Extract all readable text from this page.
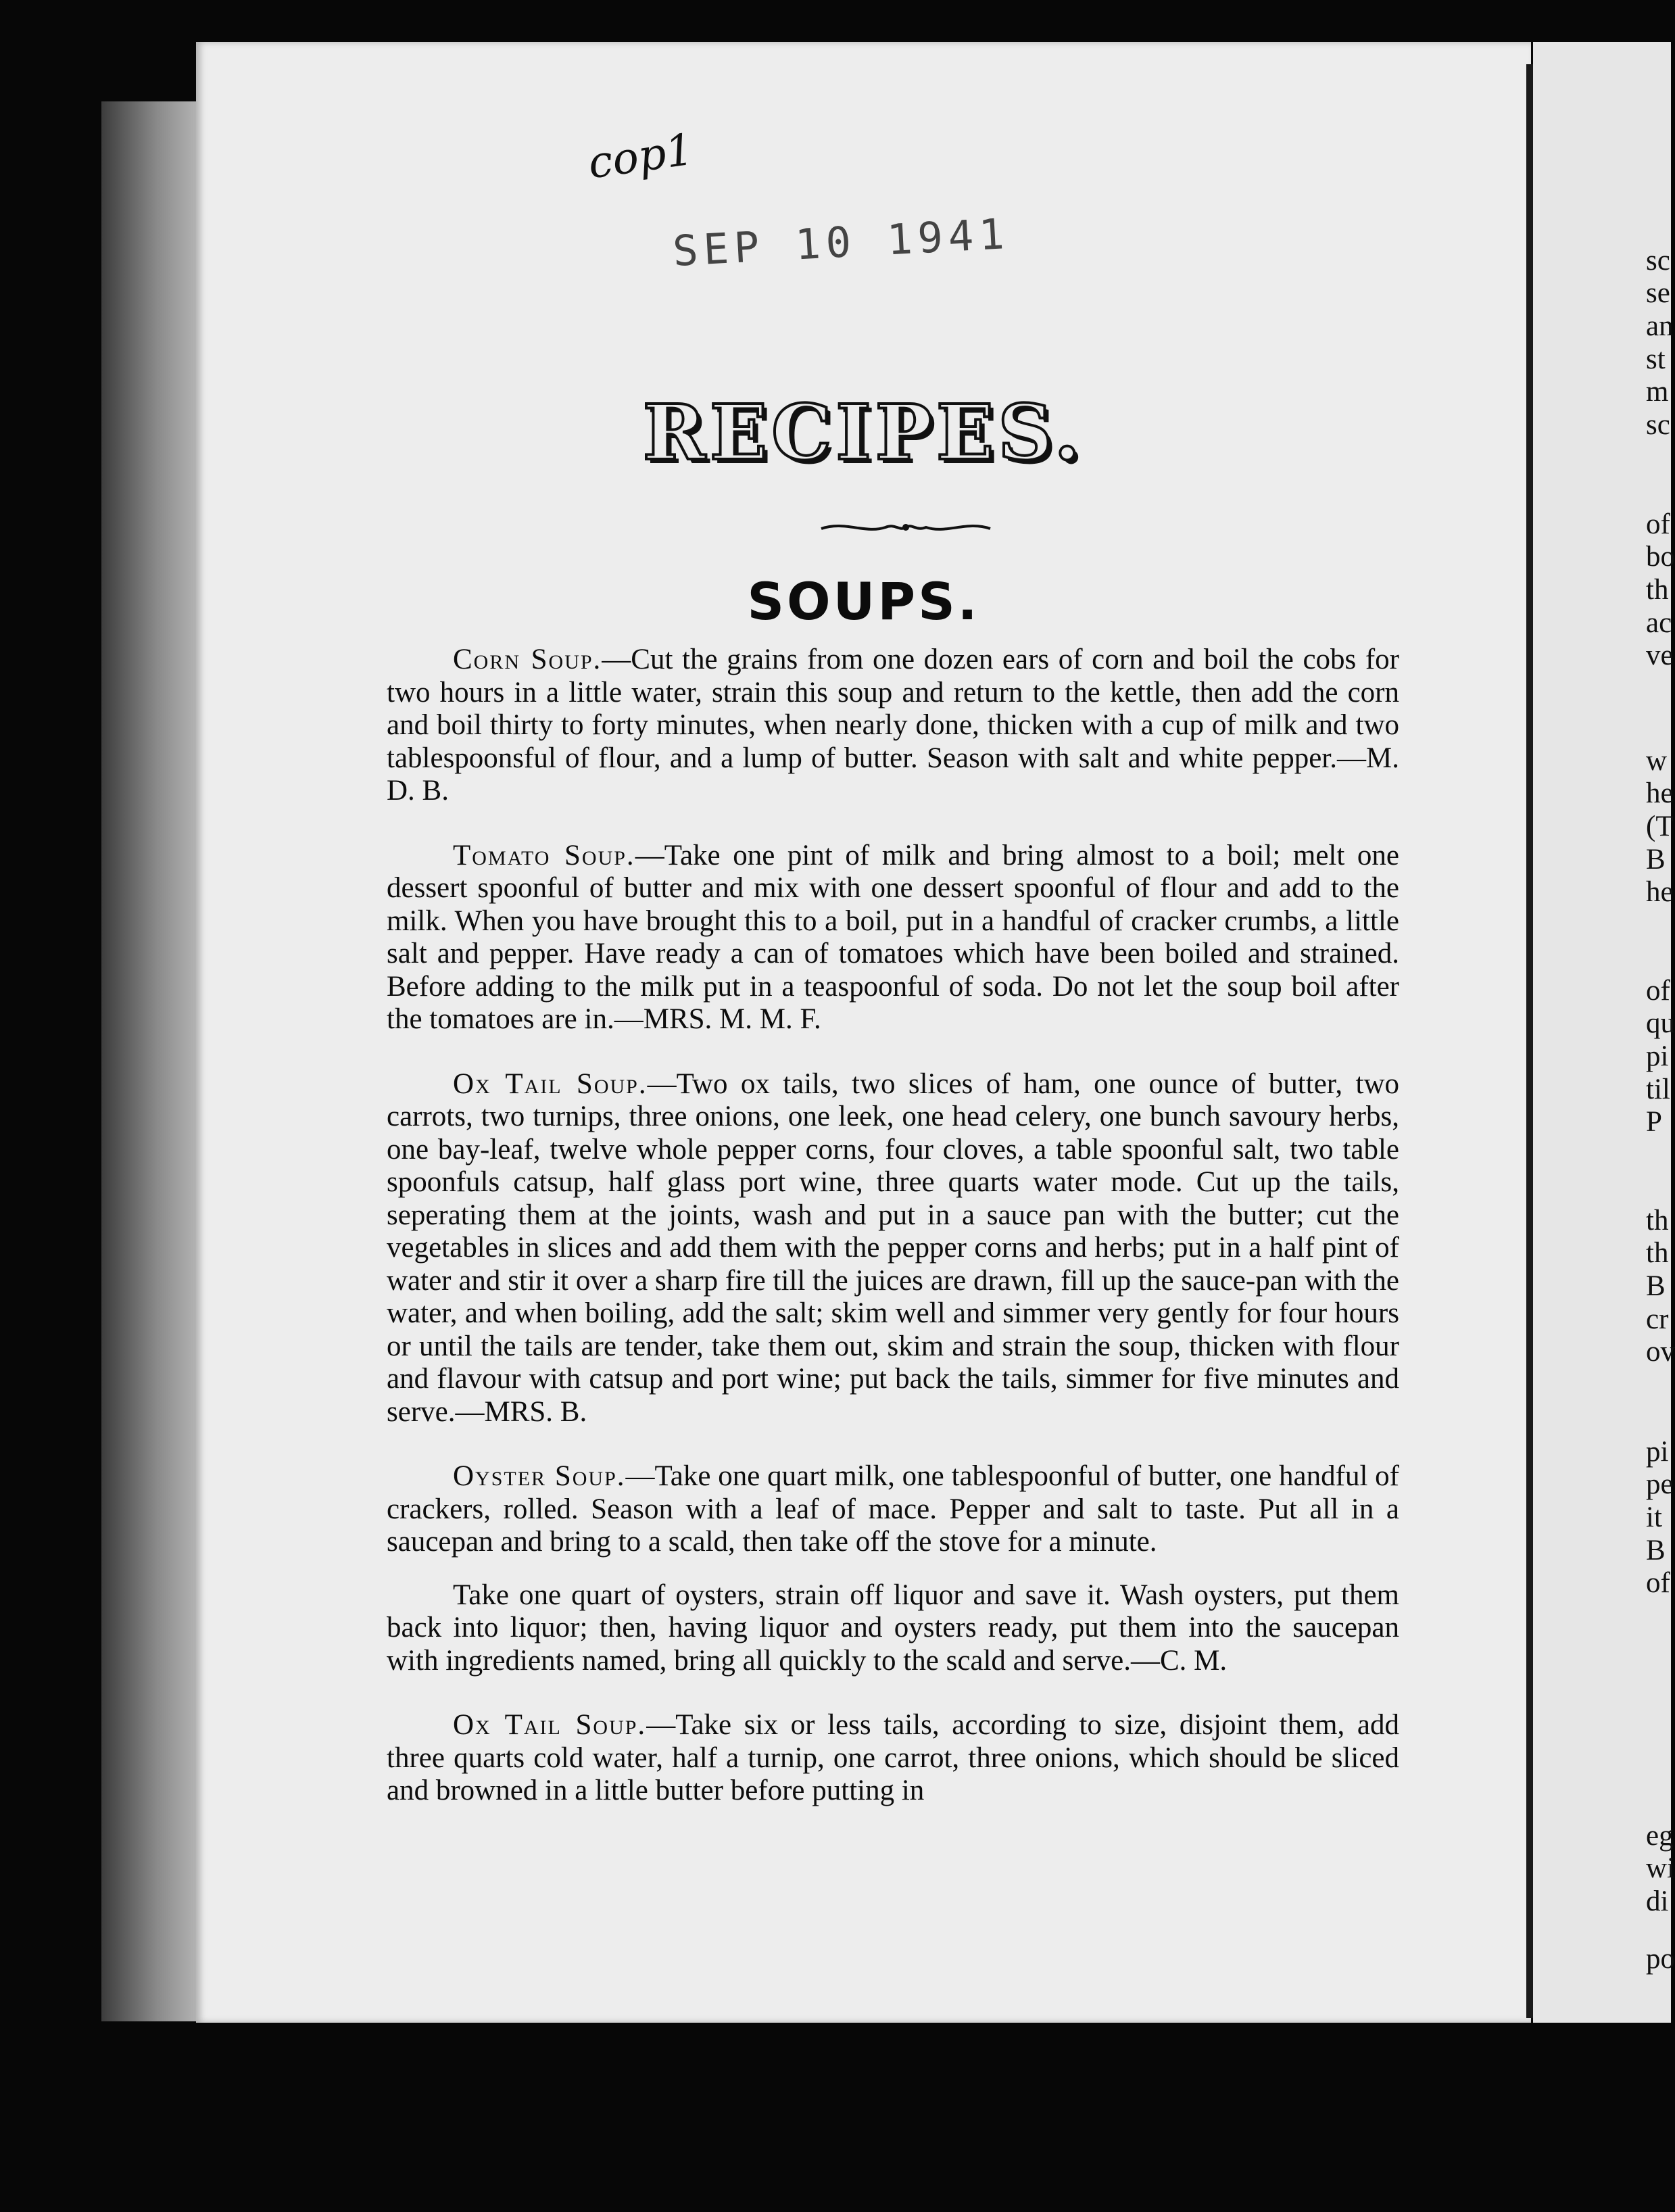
cop1
SEP 10 1941
RECIPES.
SOUPS.

Corn Soup.—Cut the grains from one dozen ears of corn and boil the cobs for two hours in a little water, strain this soup and return to the kettle, then add the corn and boil thirty to forty minutes, when nearly done, thicken with a cup of milk and two tablespoonsful of flour, and a lump of butter. Season with salt and white pepper.—M. D. B.

Tomato Soup.—Take one pint of milk and bring almost to a boil; melt one dessert spoonful of butter and mix with one dessert spoonful of flour and add to the milk. When you have brought this to a boil, put in a handful of cracker crumbs, a little salt and pepper. Have ready a can of tomatoes which have been boiled and strained. Before adding to the milk put in a teaspoonful of soda. Do not let the soup boil after the tomatoes are in.—MRS. M. M. F.

Ox Tail Soup.—Two ox tails, two slices of ham, one ounce of butter, two carrots, two turnips, three onions, one leek, one head celery, one bunch savoury herbs, one bay-leaf, twelve whole pepper corns, four cloves, a table spoonful salt, two table spoonfuls catsup, half glass port wine, three quarts water mode. Cut up the tails, seperating them at the joints, wash and put in a sauce pan with the butter; cut the vegetables in slices and add them with the pepper corns and herbs; put in a half pint of water and stir it over a sharp fire till the juices are drawn, fill up the sauce-pan with the water, and when boiling, add the salt; skim well and simmer very gently for four hours or until the tails are tender, take them out, skim and strain the soup, thicken with flour and flavour with catsup and port wine; put back the tails, simmer for five minutes and serve.—MRS. B.

Oyster Soup.—Take one quart milk, one tablespoonful of butter, one handful of crackers, rolled. Season with a leaf of mace. Pepper and salt to taste. Put all in a saucepan and bring to a scald, then take off the stove for a minute.

Take one quart of oysters, strain off liquor and save it. Wash oysters, put them back into liquor; then, having liquor and oysters ready, put them into the saucepan with ingredients named, bring all quickly to the scald and serve.—C. M.

Ox Tail Soup.—Take six or less tails, according to size, disjoint them, add three quarts cold water, half a turnip, one carrot, three onions, which should be sliced and browned in a little butter before putting in

sc
se
an
st
m
sc
of
bo
th
ac
ve
w
he
(T
B
he
of
qu
pi
til
P
th
th
B
cr
ov
pi
pe
it
B
of
eg
wi
di
po
